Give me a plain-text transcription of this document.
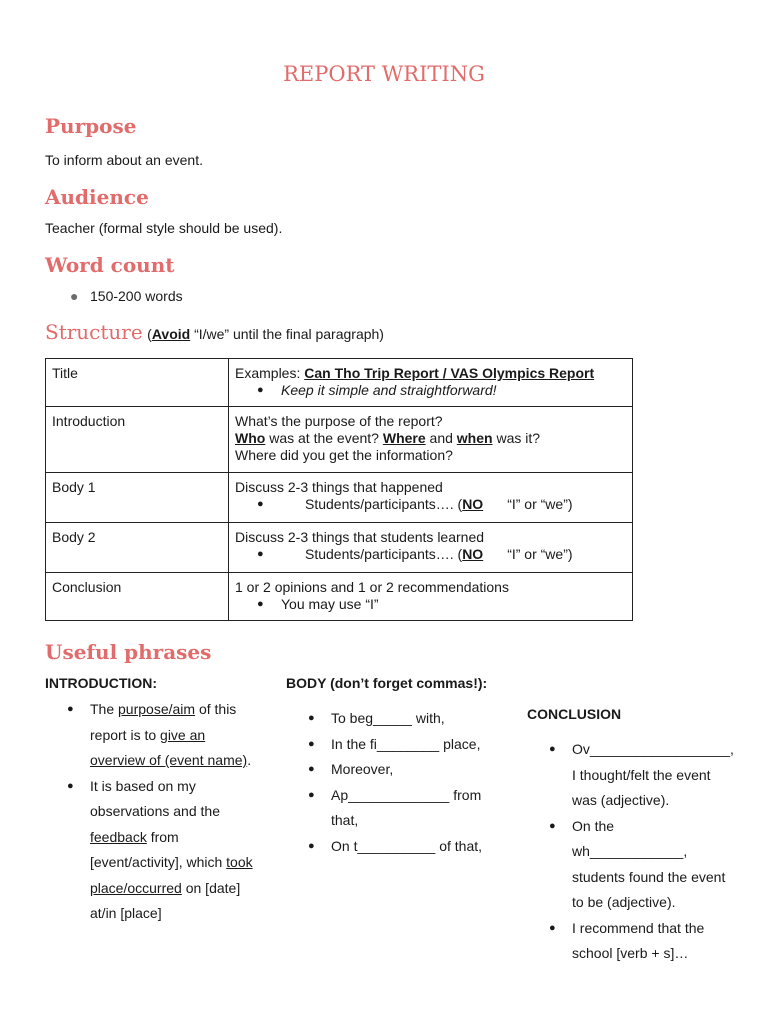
REPORT WRITING
Purpose

To inform about an event.

Audience

Teacher (formal style should be used).

Word count
● 150-200 words
Structure (Avoid “I/we” until the final paragraph)
Title	Examples: Can Tho Trip Report / VAS Olympics Report
● Keep it simple and straightforward!

Introduction	What’s the purpose of the report?
Who was at the event? Where and when was it?
Where did you get the information?

Body 1	Discuss 2-3 things that happened
● Students/participants…. (NO“I” or “we”)

Body 2	Discuss 2-3 things that students learned
● Students/participants…. (NO“I” or “we”)

Conclusion	1 or 2 opinions and 1 or 2 recommendations
● You may use “I”
Useful phrases
INTRODUCTION:
● The purpose/aim of this report is to give an overview of (event name).
● It is based on my observations and the feedback from [event/activity], which took place/occurred on [date] at/in [place]
BODY (don’t forget commas!):
● To beg_____ with,
● In the fi________ place,
● Moreover,
● Ap_____________ from that,
● On t__________ of that,
CONCLUSION
● Ov__________________, I thought/felt the event was (adjective).
● On the wh____________, students found the event to be (adjective).
● I recommend that the school [verb + s]…
